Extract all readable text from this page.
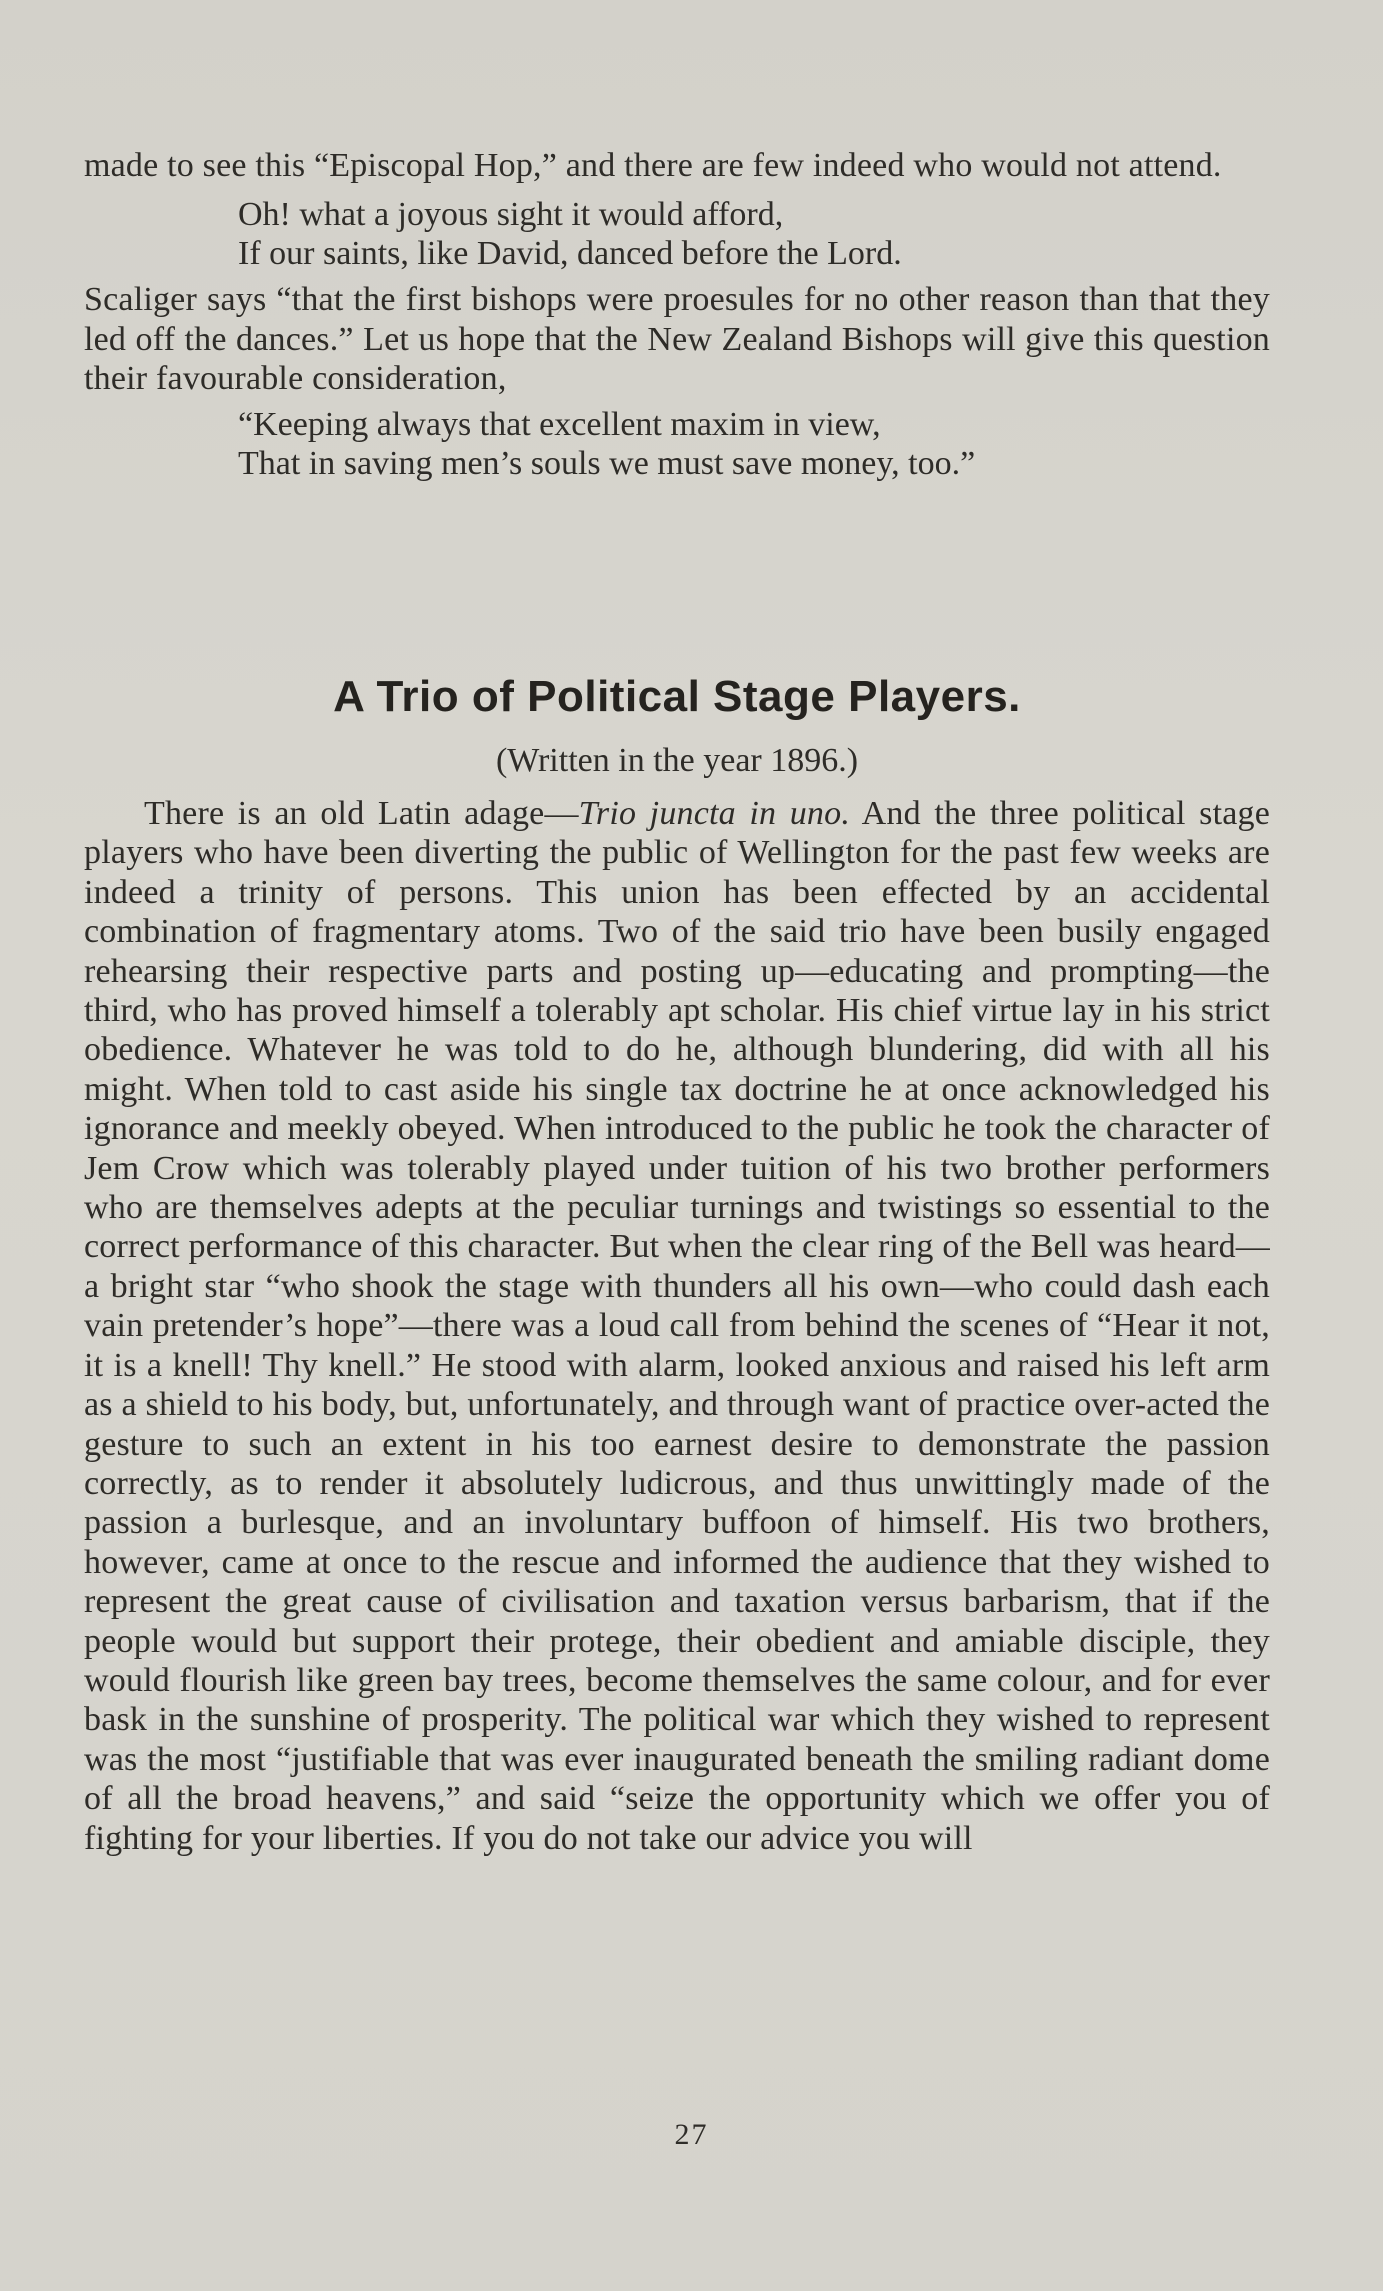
made to see this “Episcopal Hop,” and there are few indeed who would not attend.

Oh! what a joyous sight it would afford,
If our saints, like David, danced before the Lord.

Scaliger says “that the first bishops were proesules for no other reason than that they led off the dances.” Let us hope that the New Zealand Bishops will give this question their favourable consideration,

“Keeping always that excellent maxim in view,
That in saving men’s souls we must save money, too.”
A Trio of Political Stage Players.

(Written in the year 1896.)

There is an old Latin adage—Trio juncta in uno. And the three political stage players who have been diverting the public of Wellington for the past few weeks are indeed a trinity of persons. This union has been effected by an accidental combination of fragmentary atoms. Two of the said trio have been busily engaged rehearsing their respective parts and posting up—educating and prompting—the third, who has proved himself a tolerably apt scholar. His chief virtue lay in his strict obedience. Whatever he was told to do he, although blundering, did with all his might. When told to cast aside his single tax doctrine he at once acknowledged his ignorance and meekly obeyed. When introduced to the public he took the character of Jem Crow which was tolerably played under tuition of his two brother performers who are themselves adepts at the peculiar turnings and twistings so essential to the correct performance of this character. But when the clear ring of the Bell was heard—a bright star “who shook the stage with thunders all his own—who could dash each vain pretender’s hope”—there was a loud call from behind the scenes of “Hear it not, it is a knell! Thy knell.” He stood with alarm, looked anxious and raised his left arm as a shield to his body, but, unfortunately, and through want of practice over-acted the gesture to such an extent in his too earnest desire to demonstrate the passion correctly, as to render it absolutely ludicrous, and thus unwittingly made of the passion a burlesque, and an involuntary buffoon of himself. His two brothers, however, came at once to the rescue and informed the audience that they wished to represent the great cause of civilisation and taxation versus barbarism, that if the people would but support their protege, their obedient and amiable disciple, they would flourish like green bay trees, become themselves the same colour, and for ever bask in the sunshine of prosperity. The political war which they wished to represent was the most “justifiable that was ever inaugurated beneath the smiling radiant dome of all the broad heavens,” and said “seize the opportunity which we offer you of fighting for your liberties. If you do not take our advice you will

27
